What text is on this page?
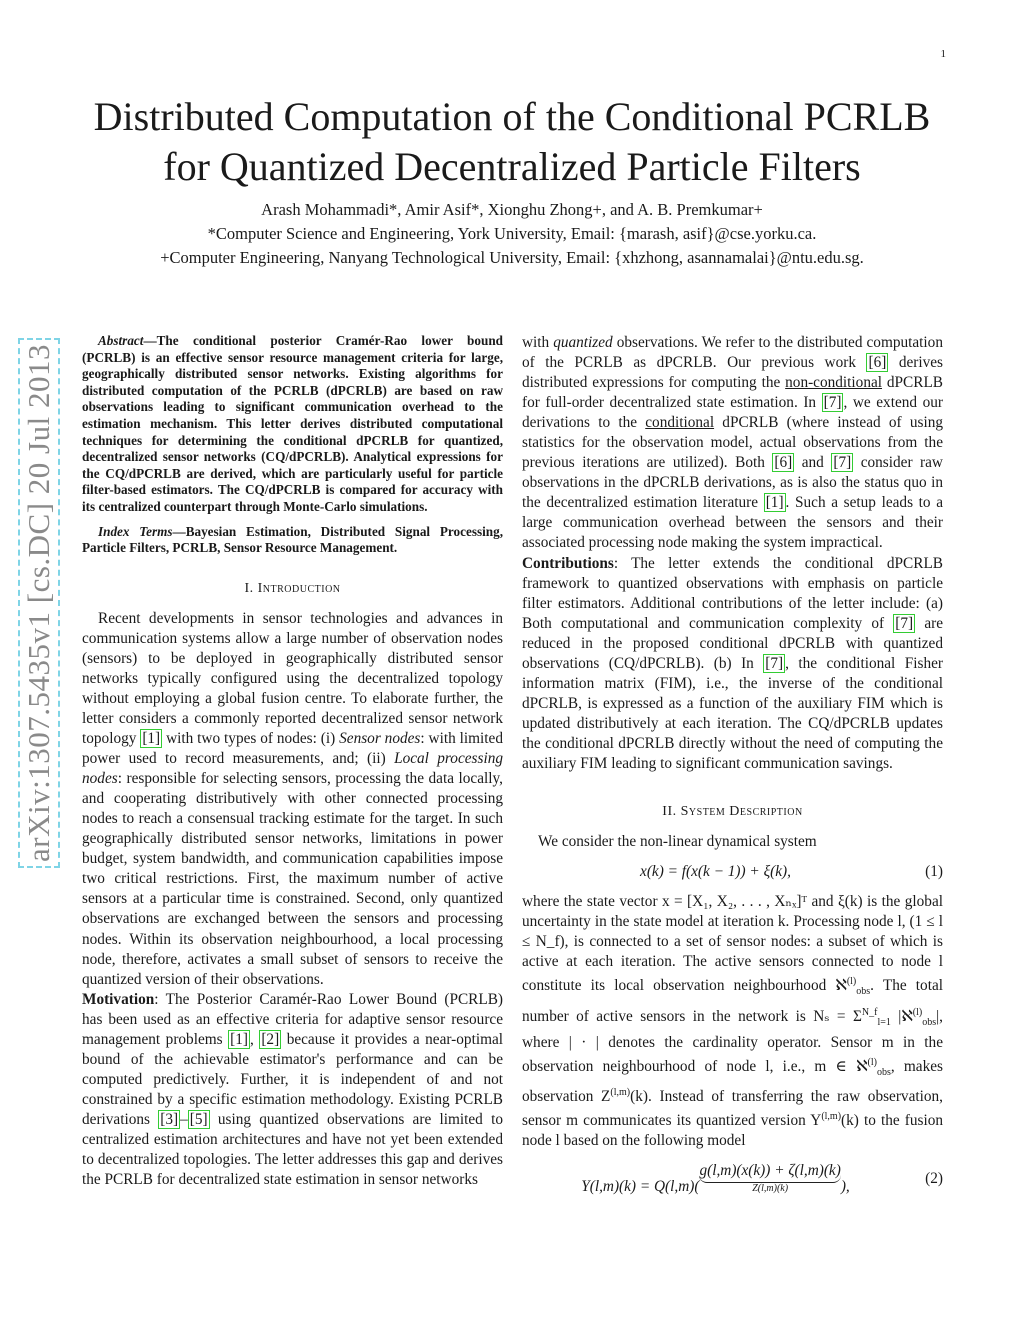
1
arXiv:1307.5435v1 [cs.DC] 20 Jul 2013
Distributed Computation of the Conditional PCRLB
for Quantized Decentralized Particle Filters
Arash Mohammadi*, Amir Asif*, Xionghu Zhong+, and A. B. Premkumar+
*Computer Science and Engineering, York University, Email: {marash, asif}@cse.yorku.ca.
+Computer Engineering, Nanyang Technological University, Email: {xhzhong, asannamalai}@ntu.edu.sg.

Abstract—The conditional posterior Cramér-Rao lower bound (PCRLB) is an effective sensor resource management criteria for large, geographically distributed sensor networks. Existing algorithms for distributed computation of the PCRLB (dPCRLB) are based on raw observations leading to significant communication overhead to the estimation mechanism. This letter derives distributed computational techniques for determining the conditional dPCRLB for quantized, decentralized sensor networks (CQ/dPCRLB). Analytical expressions for the CQ/dPCRLB are derived, which are particularly useful for particle filter-based estimators. The CQ/dPCRLB is compared for accuracy with its centralized counterpart through Monte-Carlo simulations.

Index Terms—Bayesian Estimation, Distributed Signal Processing, Particle Filters, PCRLB, Sensor Resource Management.

I. Introduction

Recent developments in sensor technologies and advances in communication systems allow a large number of observation nodes (sensors) to be deployed in geographically distributed sensor networks typically configured using the decentralized topology without employing a global fusion centre. To elaborate further, the letter considers a commonly reported decentralized sensor network topology [1] with two types of nodes: (i) Sensor nodes: with limited power used to record measurements, and; (ii) Local processing nodes: responsible for selecting sensors, processing the data locally, and cooperating distributively with other connected processing nodes to reach a consensual tracking estimate for the target. In such geographically distributed sensor networks, limitations in power budget, system bandwidth, and communication capabilities impose two critical restrictions. First, the maximum number of active sensors at a particular time is constrained. Second, only quantized observations are exchanged between the sensors and processing nodes. Within its observation neighbourhood, a local processing node, therefore, activates a small subset of sensors to receive the quantized version of their observations.

Motivation: The Posterior Caramér-Rao Lower Bound (PCRLB) has been used as an effective criteria for adaptive sensor resource management problems [1] , [2] because it provides a near-optimal bound of the achievable estimator's performance and can be computed predictively. Further, it is independent of and not constrained by a specific estimation methodology. Existing PCRLB derivations [3] – [5] using quantized observations are limited to centralized estimation architectures and have not yet been extended to decentralized topologies. The letter addresses this gap and derives the PCRLB for decentralized state estimation in sensor networks

with quantized observations. We refer to the distributed computation of the PCRLB as dPCRLB. Our previous work [6] derives distributed expressions for computing the non-conditional dPCRLB for full-order decentralized state estimation. In [7] , we extend our derivations to the conditional dPCRLB (where instead of using statistics for the observation model, actual observations from the previous iterations are utilized). Both [6] and [7] consider raw observations in the dPCRLB derivations, as is also the status quo in the decentralized estimation literature [1] . Such a setup leads to a large communication overhead between the sensors and their associated processing node making the system impractical.

Contributions: The letter extends the conditional dPCRLB framework to quantized observations with emphasis on particle filter estimators. Additional contributions of the letter include: (a) Both computational and communication complexity of [7] are reduced in the proposed conditional dPCRLB with quantized observations (CQ/dPCRLB). (b) In [7] , the conditional Fisher information matrix (FIM), i.e., the inverse of the conditional dPCRLB, is expressed as a function of the auxiliary FIM which is updated distributively at each iteration. The CQ/dPCRLB updates the conditional dPCRLB directly without the need of computing the auxiliary FIM leading to significant communication savings.

II. System Description

We consider the non-linear dynamical system

x(k) = f(x(k − 1)) + ξ(k),	(1)

where the state vector x = [X₁, X₂, . . . , Xₙₓ]ᵀ and ξ(k) is the global uncertainty in the state model at iteration k. Processing node l, (1 ≤ l ≤ N_f), is connected to a set of sensor nodes: a subset of which is active at each iteration. The active sensors connected to node l constitute its local observation neighbourhood ℵ$^{(l)}_{obs}$. The total number of active sensors in the network is $N_s = \Sigma^{N\_f}_{l=1}$ |ℵ$^{(l)}_{obs}$|, where | · | denotes the cardinality operator. Sensor m in the observation neighbourhood of node l, i.e., m ∈ ℵ$^{(l)}_{obs}$, makes observation Z$^{(l,m)}$(k). Instead of transferring the raw observation, sensor m communicates its quantized version Y$^{(l,m)}$(k) to the fusion node l based on the following model

Y(l,m)(k) = Q(l,m)(
g(l,m)(x(k)) + ζ(l,m)(k)
Z(l,m)(k)	),	(2)
